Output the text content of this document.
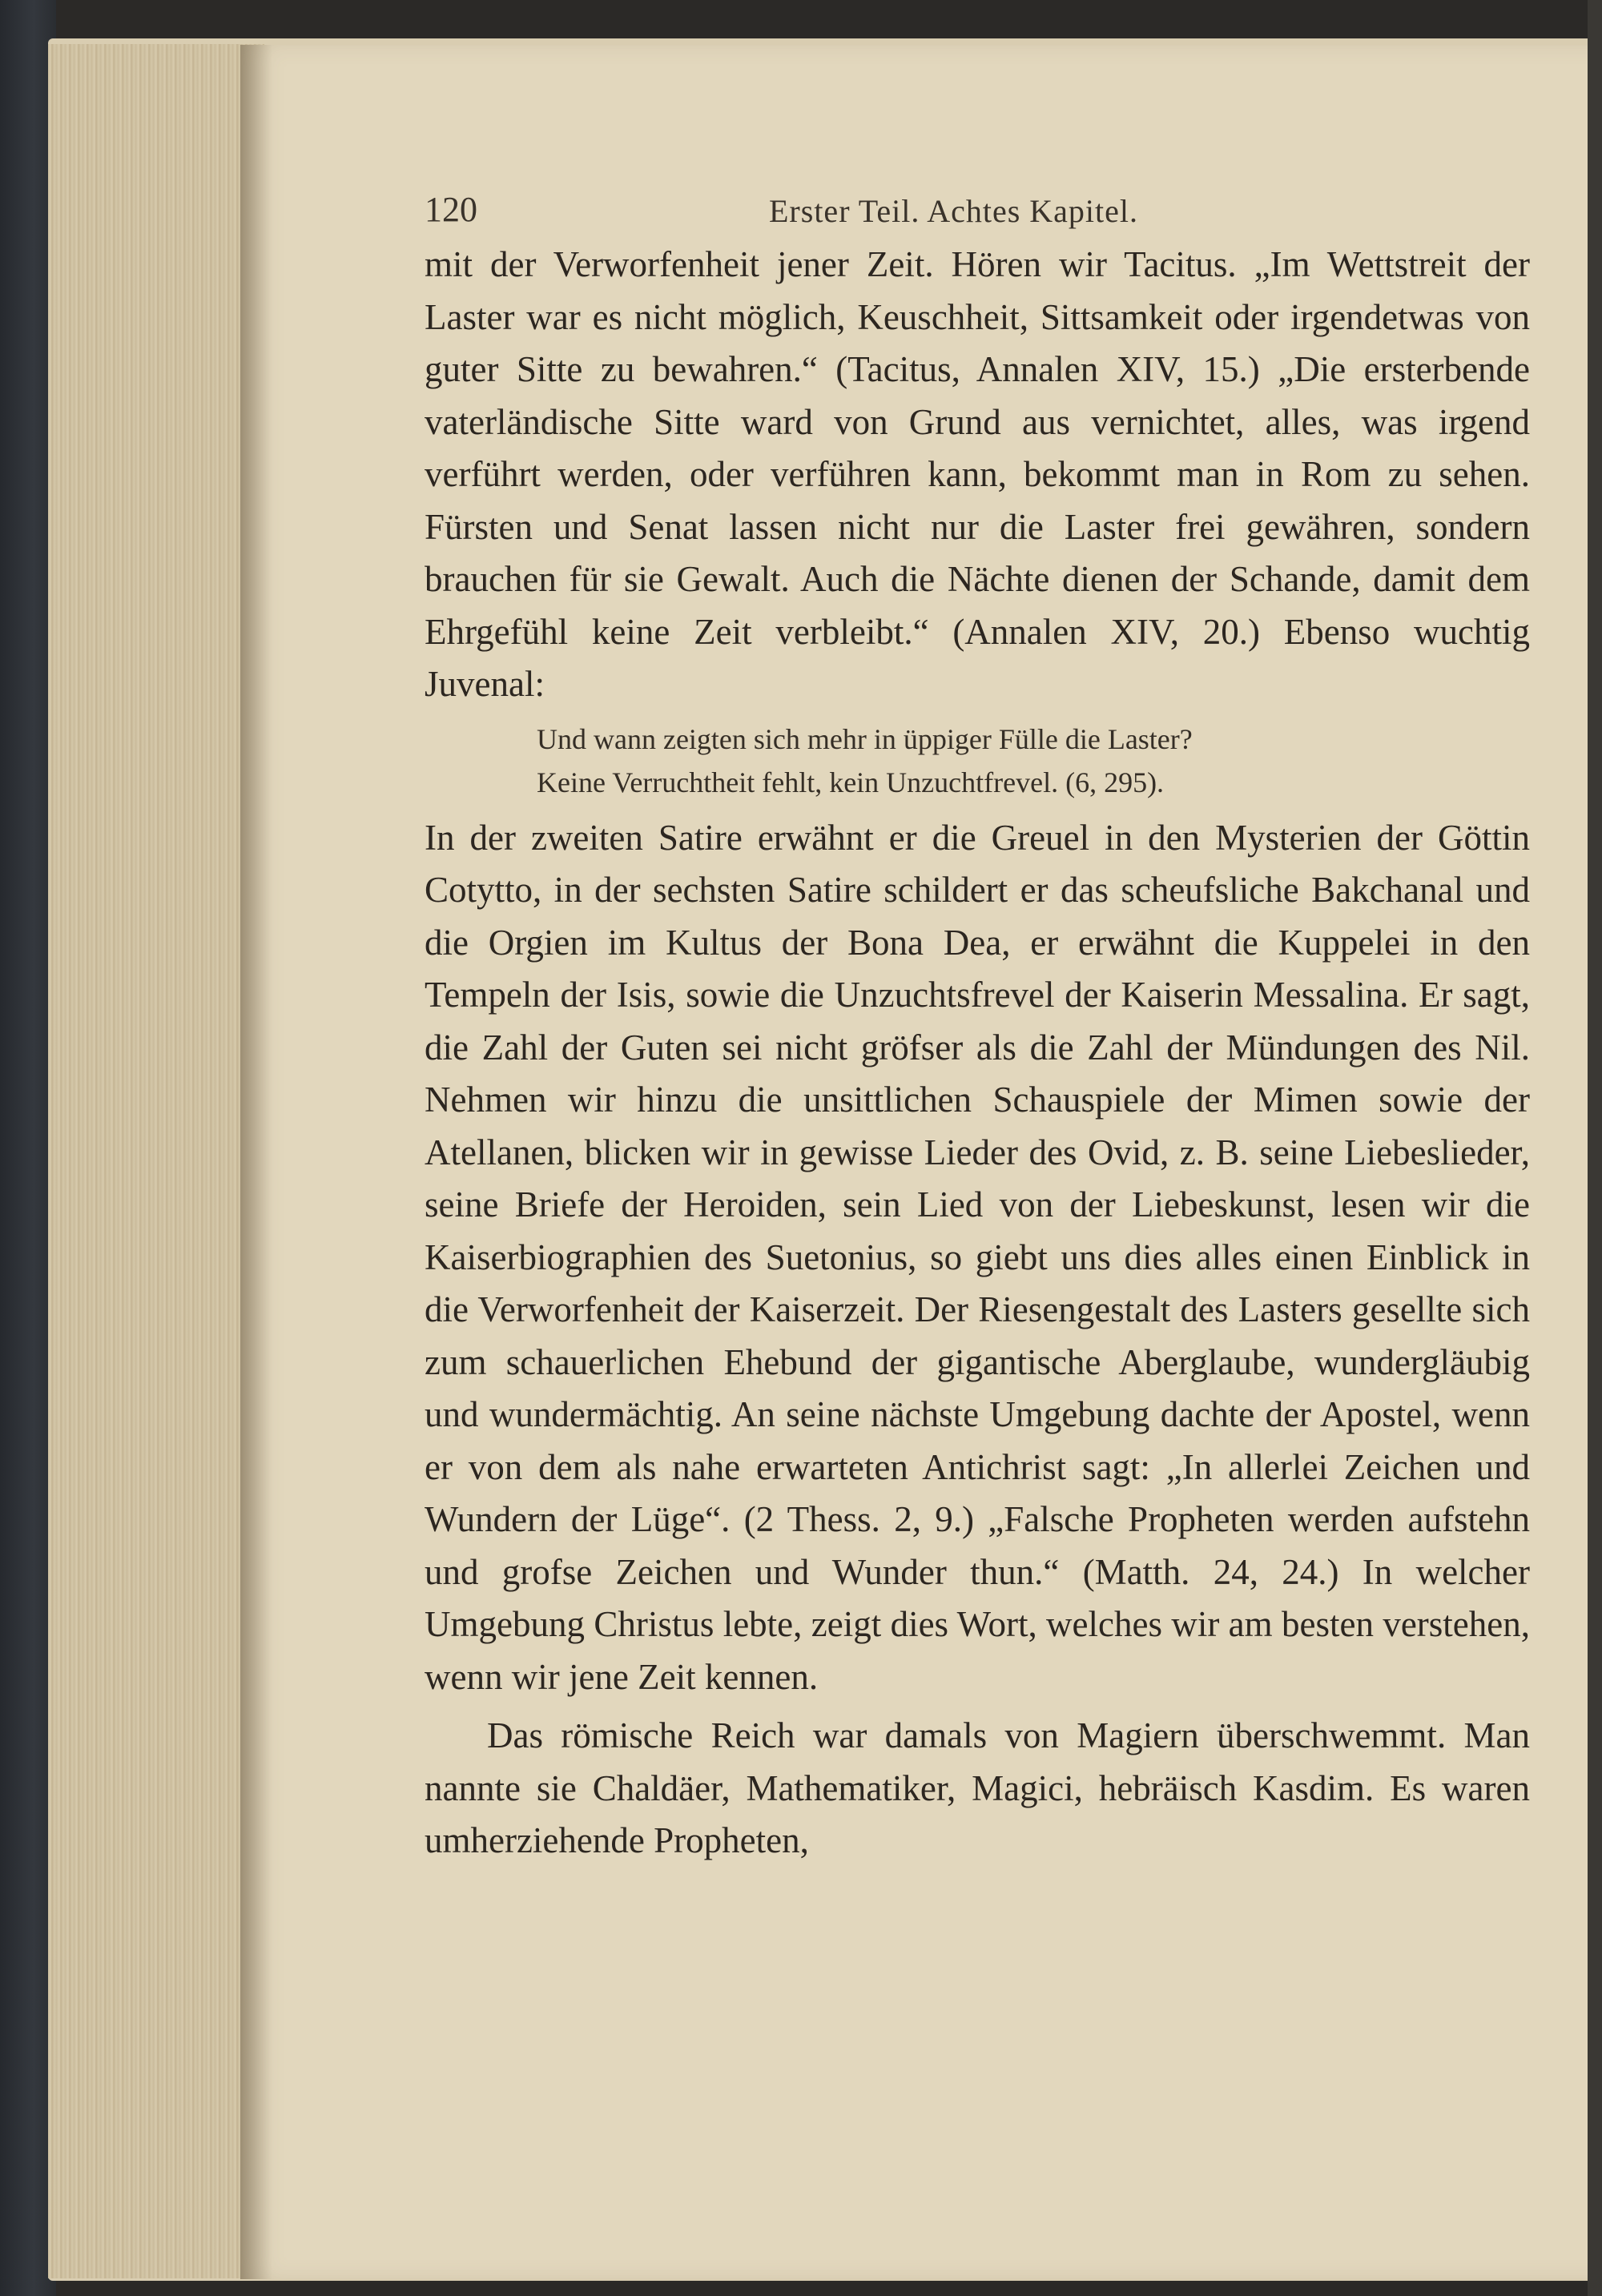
120	Erster Teil. Achtes Kapitel.

mit der Verworfenheit jener Zeit. Hören wir Tacitus. „Im Wettstreit der Laster war es nicht möglich, Keuschheit, Sittsamkeit oder irgendetwas von guter Sitte zu bewahren.“ (Tacitus, Annalen XIV, 15.) „Die ersterbende vaterländische Sitte ward von Grund aus vernichtet, alles, was irgend verführt werden, oder verführen kann, bekommt man in Rom zu sehen. Fürsten und Senat lassen nicht nur die Laster frei gewähren, sondern brauchen für sie Gewalt. Auch die Nächte dienen der Schande, damit dem Ehrgefühl keine Zeit verbleibt.“ (Annalen XIV, 20.) Ebenso wuchtig Juvenal:

Und wann zeigten sich mehr in üppiger Fülle die Laster?
Keine Verruchtheit fehlt, kein Unzuchtfrevel. (6, 295).

In der zweiten Satire erwähnt er die Greuel in den Mysterien der Göttin Cotytto, in der sechsten Satire schildert er das scheufsliche Bakchanal und die Orgien im Kultus der Bona Dea, er erwähnt die Kuppelei in den Tempeln der Isis, sowie die Unzuchtsfrevel der Kaiserin Messalina. Er sagt, die Zahl der Guten sei nicht gröfser als die Zahl der Mündungen des Nil. Nehmen wir hinzu die unsittlichen Schauspiele der Mimen sowie der Atellanen, blicken wir in gewisse Lieder des Ovid, z. B. seine Liebeslieder, seine Briefe der Heroiden, sein Lied von der Liebeskunst, lesen wir die Kaiserbiographien des Suetonius, so giebt uns dies alles einen Einblick in die Verworfenheit der Kaiserzeit. Der Riesengestalt des Lasters gesellte sich zum schauerlichen Ehebund der gigantische Aberglaube, wundergläubig und wundermächtig. An seine nächste Umgebung dachte der Apostel, wenn er von dem als nahe erwarteten Antichrist sagt: „In allerlei Zeichen und Wundern der Lüge“. (2 Thess. 2, 9.) „Falsche Propheten werden aufstehn und grofse Zeichen und Wunder thun.“ (Matth. 24, 24.) In welcher Umgebung Christus lebte, zeigt dies Wort, welches wir am besten verstehen, wenn wir jene Zeit kennen.

Das römische Reich war damals von Magiern überschwemmt. Man nannte sie Chaldäer, Mathematiker, Magici, hebräisch Kasdim. Es waren umherziehende Propheten,
